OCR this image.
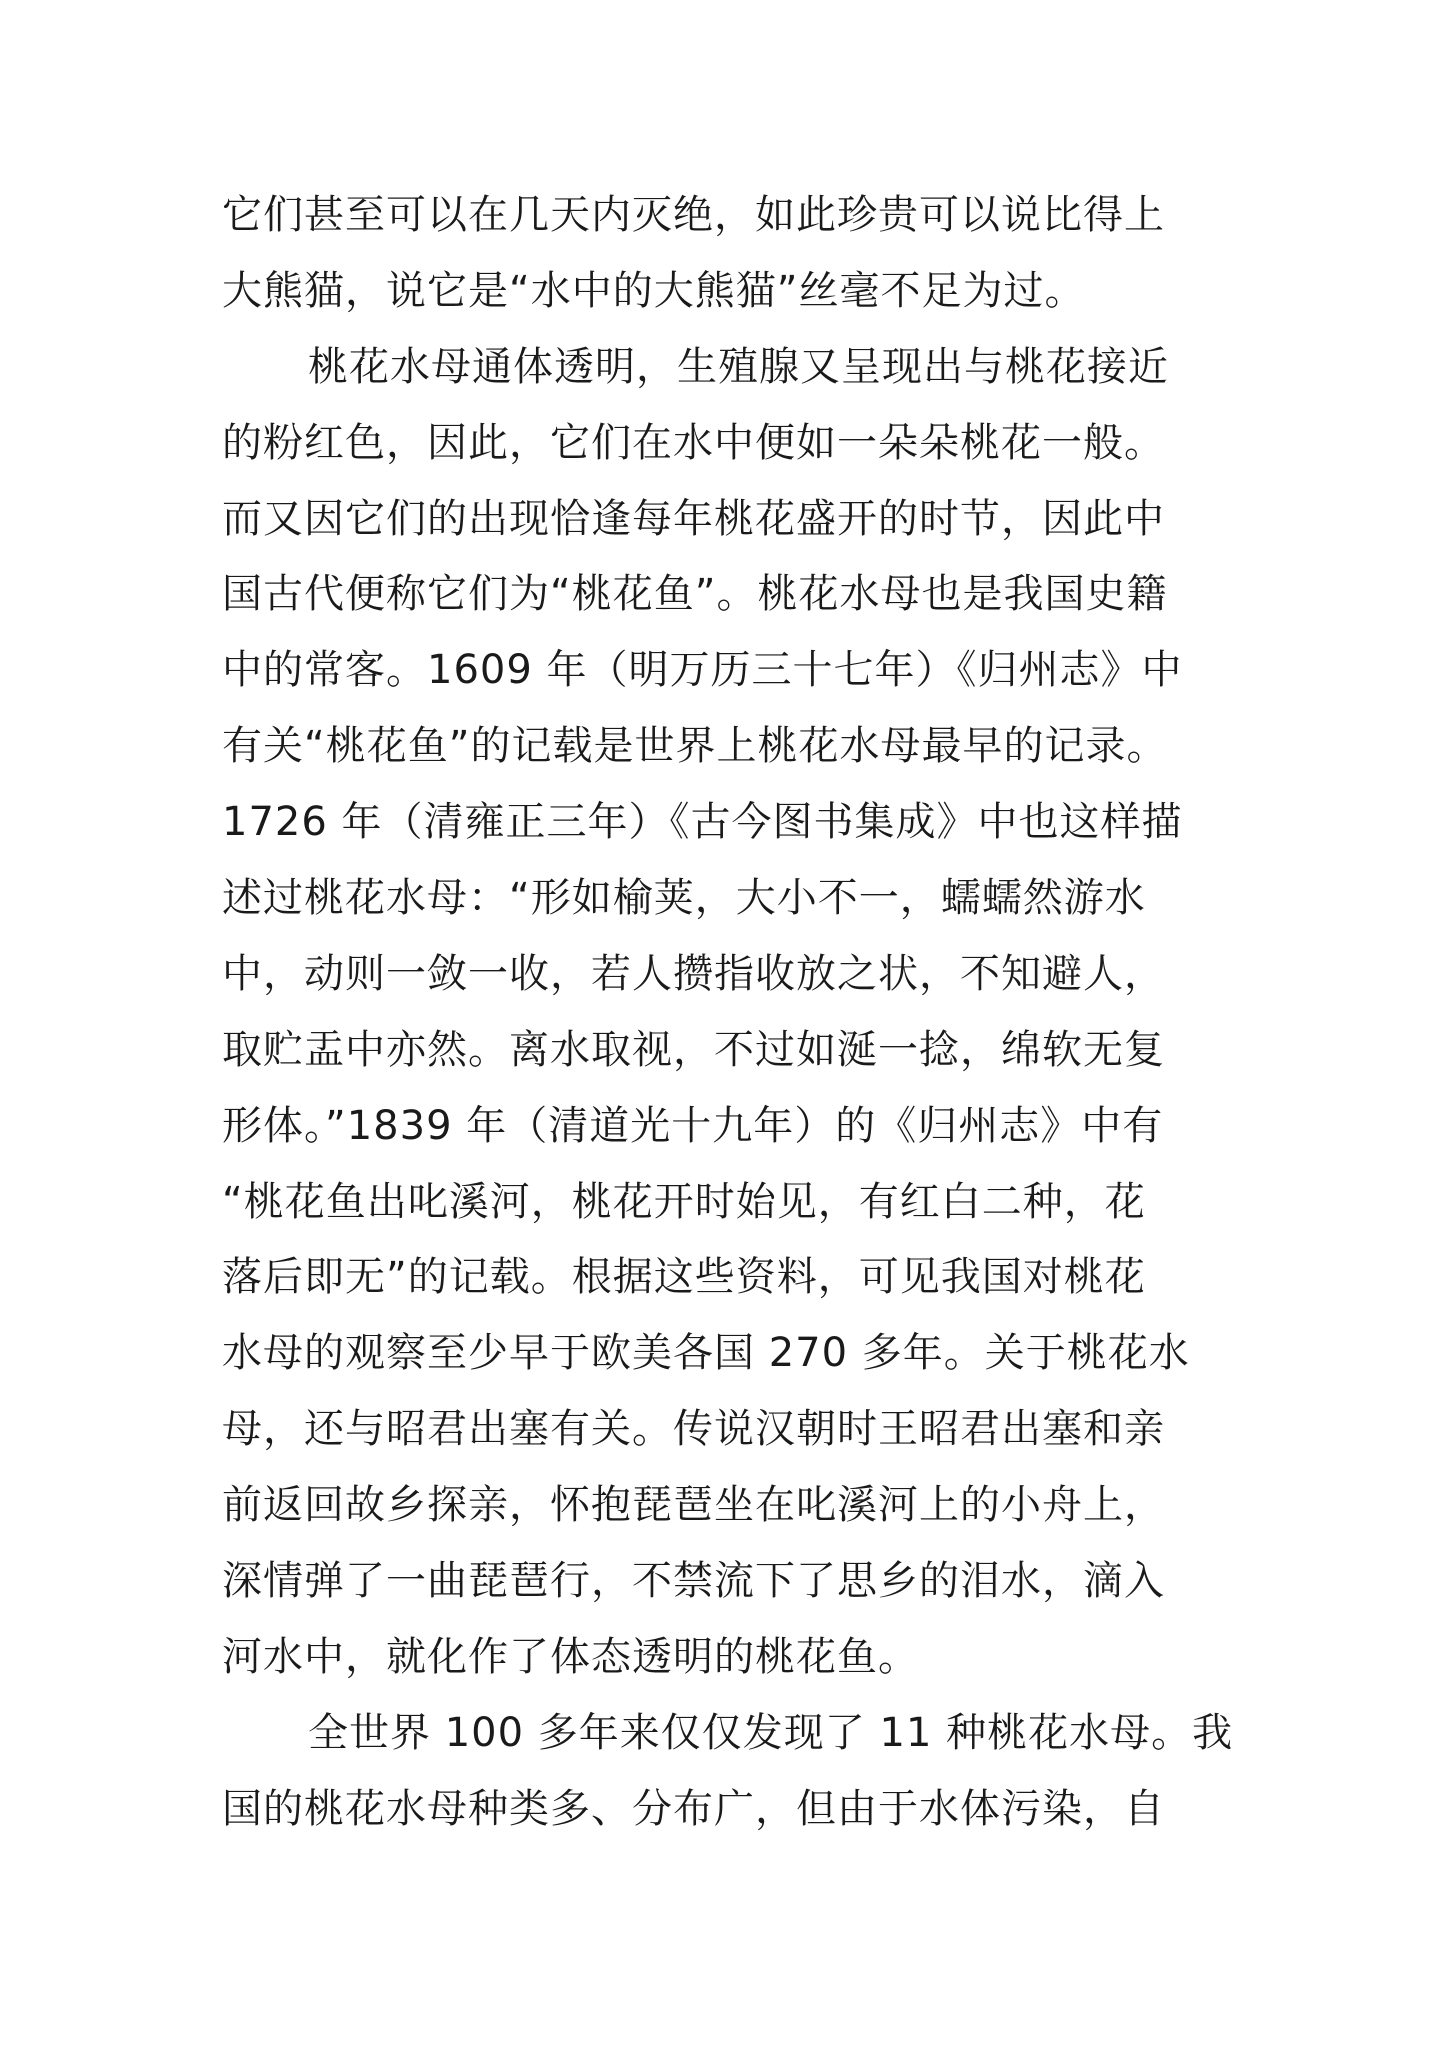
它们甚至可以在几天内灭绝，如此珍贵可以说比得上
大熊猫，说它是“水中的大熊猫”丝毫不足为过。
桃花水母通体透明，生殖腺又呈现出与桃花接近
的粉红色，因此，它们在水中便如一朵朵桃花一般。
而又因它们的出现恰逢每年桃花盛开的时节，因此中
国古代便称它们为“桃花鱼”。桃花水母也是我国史籍
中的常客。1609 年（明万历三十七年）《归州志》中
有关“桃花鱼”的记载是世界上桃花水母最早的记录。
1726 年（清雍正三年）《古今图书集成》中也这样描
述过桃花水母：“形如榆荚，大小不一，蠕蠕然游水
中，动则一敛一收，若人攒指收放之状，不知避人，
取贮盂中亦然。离水取视，不过如涎一捻，绵软无复
形体。”1839 年（清道光十九年）的《归州志》中有
“桃花鱼出叱溪河，桃花开时始见，有红白二种，花
落后即无”的记载。根据这些资料，可见我国对桃花
水母的观察至少早于欧美各国 270 多年。关于桃花水
母，还与昭君出塞有关。传说汉朝时王昭君出塞和亲
前返回故乡探亲，怀抱琵琶坐在叱溪河上的小舟上，
深情弹了一曲琵琶行，不禁流下了思乡的泪水，滴入
河水中，就化作了体态透明的桃花鱼。
全世界 100 多年来仅仅发现了 11 种桃花水母。我
国的桃花水母种类多、分布广，但由于水体污染，自
